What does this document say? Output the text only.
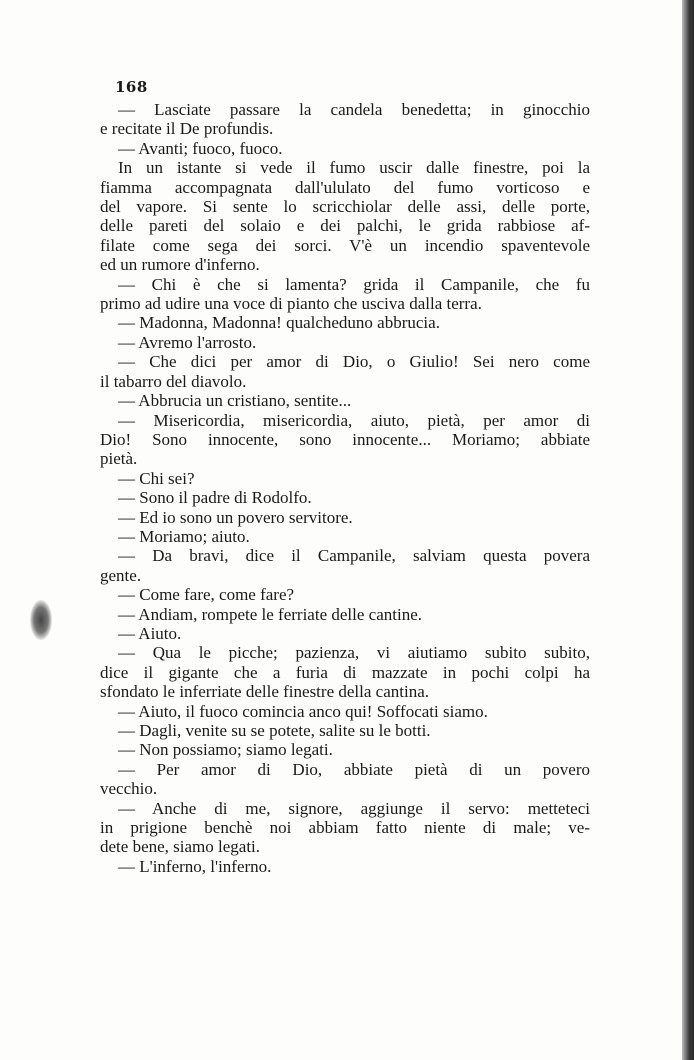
168
— Lasciate passare la candela benedetta; in ginocchio
e recitate il De profundis.
— Avanti; fuoco, fuoco.
In un istante si vede il fumo uscir dalle finestre, poi la
fiamma accompagnata dall'ululato del fumo vorticoso e
del vapore. Si sente lo scricchiolar delle assi, delle porte,
delle pareti del solaio e dei palchi, le grida rabbiose af-
filate come sega dei sorci. V'è un incendio spaventevole
ed un rumore d'inferno.
— Chi è che si lamenta? grida il Campanile, che fu
primo ad udire una voce di pianto che usciva dalla terra.
— Madonna, Madonna! qualcheduno abbrucia.
— Avremo l'arrosto.
— Che dici per amor di Dio, o Giulio! Sei nero come
il tabarro del diavolo.
— Abbrucia un cristiano, sentite...
— Misericordia, misericordia, aiuto, pietà, per amor di
Dio! Sono innocente, sono innocente... Moriamo; abbiate
pietà.
— Chi sei?
— Sono il padre di Rodolfo.
— Ed io sono un povero servitore.
— Moriamo; aiuto.
— Da bravi, dice il Campanile, salviam questa povera
gente.
— Come fare, come fare?
— Andiam, rompete le ferriate delle cantine.
— Aiuto.
— Qua le picche; pazienza, vi aiutiamo subito subito,
dice il gigante che a furia di mazzate in pochi colpi ha
sfondato le inferriate delle finestre della cantina.
— Aiuto, il fuoco comincia anco qui! Soffocati siamo.
— Dagli, venite su se potete, salite su le botti.
— Non possiamo; siamo legati.
— Per amor di Dio, abbiate pietà di un povero
vecchio.
— Anche di me, signore, aggiunge il servo: metteteci
in prigione benchè noi abbiam fatto niente di male; ve-
dete bene, siamo legati.
— L'inferno, l'inferno.
